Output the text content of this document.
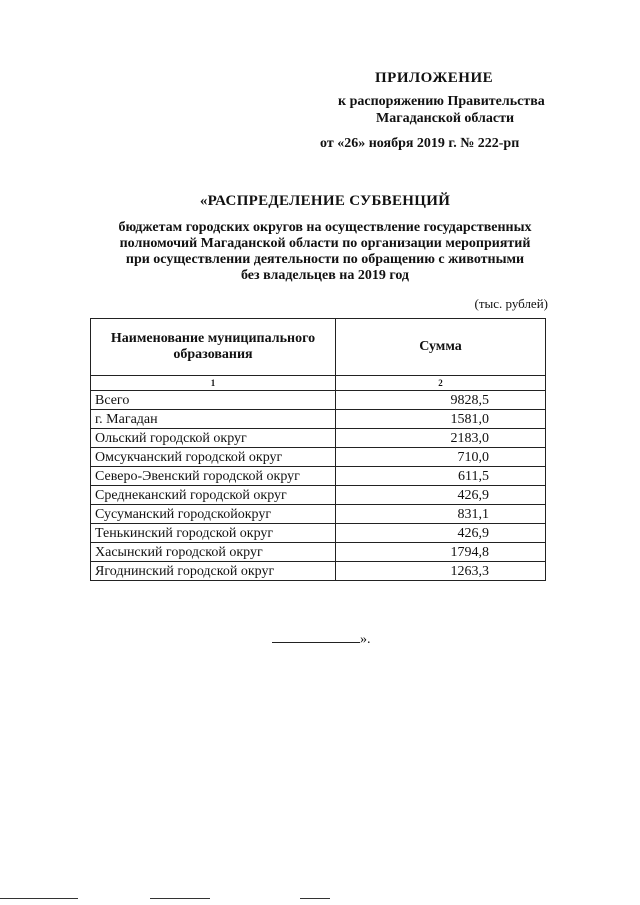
ПРИЛОЖЕНИЕ
к распоряжению Правительства
Магаданской области
от «26» ноября 2019 г. № 222-рп
«РАСПРЕДЕЛЕНИЕ СУБВЕНЦИЙ
бюджетам городских округов на осуществление государственных
полномочий Магаданской области по организации мероприятий
при осуществлении деятельности по обращению с животными
без владельцев на 2019 год
(тыс. рублей)
Наименование муниципального образования	Сумма
1	2
Всего	9828,5
г. Магадан	1581,0
Ольский городской округ	2183,0
Омсукчанский городской округ	710,0
Северо-Эвенский городской округ	611,5
Среднеканский городской округ	426,9
Сусуманский городскойокруг	831,1
Тенькинский городской округ	426,9
Хасынский городской округ	1794,8
Ягоднинский городской округ	1263,3
».
